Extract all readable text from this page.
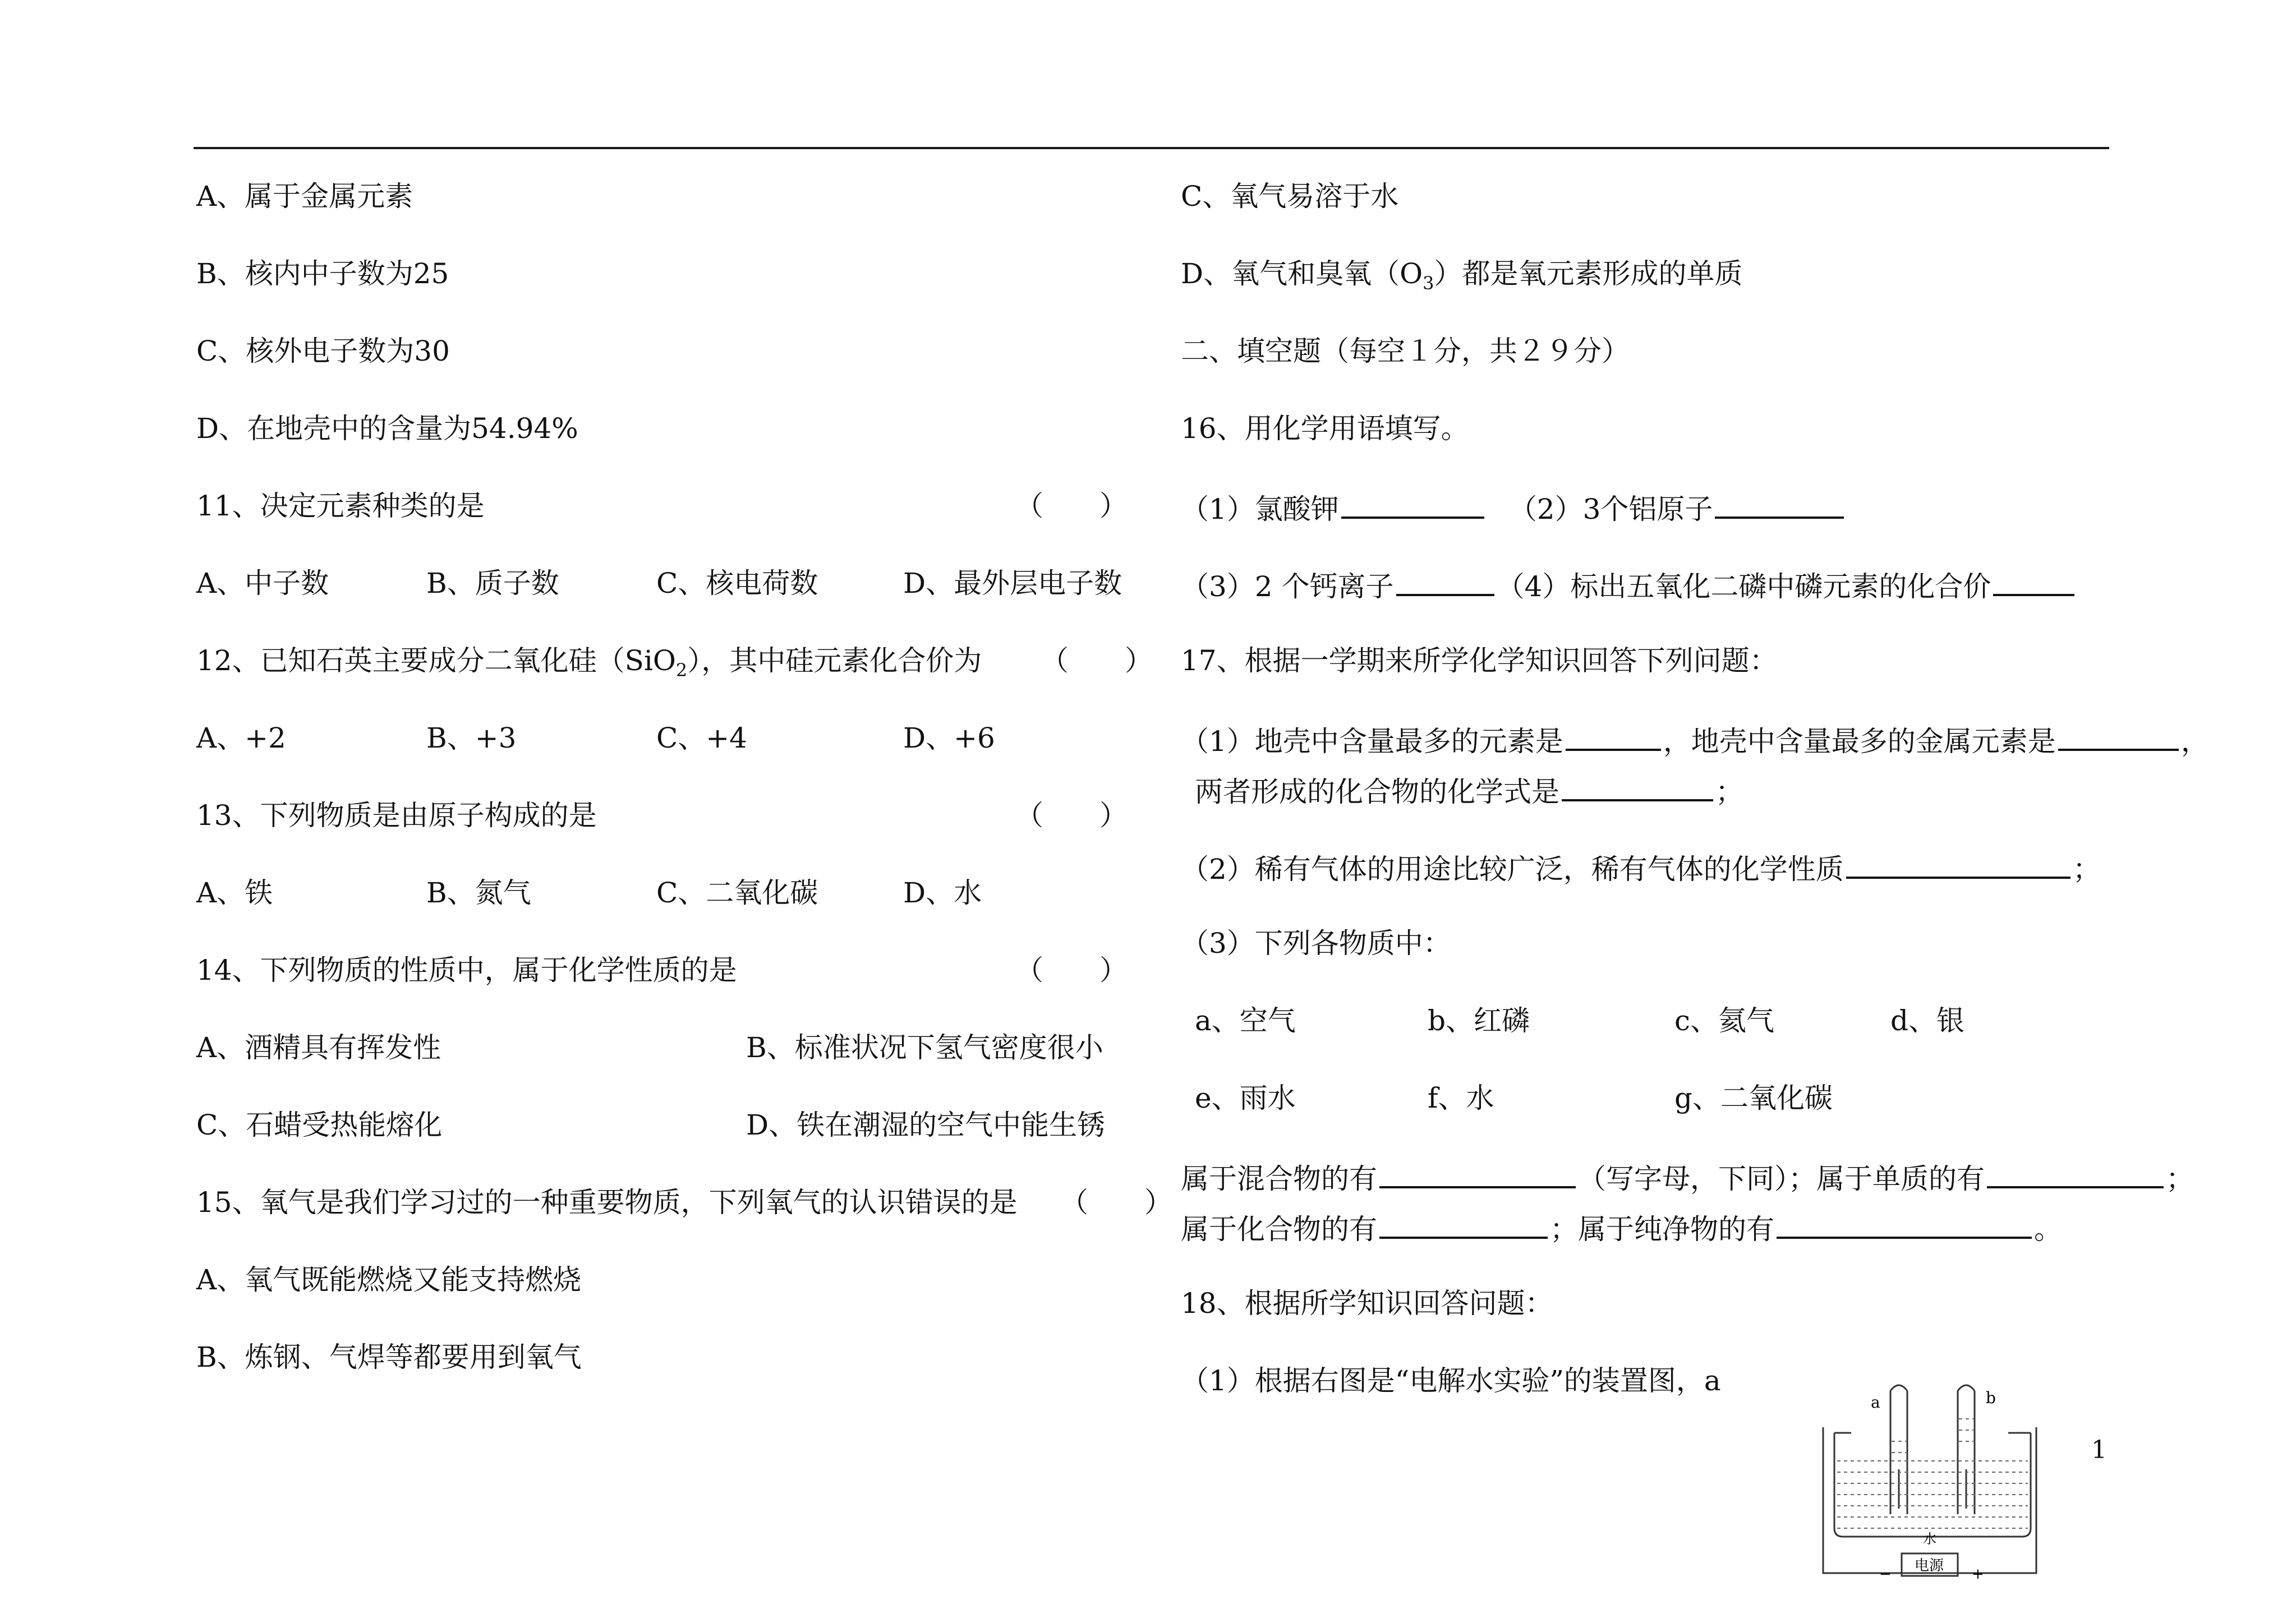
A、属于金属元素
B、核内中子数为25
C、核外电子数为30
D、在地壳中的含量为54.94%
11、决定元素种类的是	（　　）
A、中子数	B、质子数	C、核电荷数	D、最外层电子数
12、已知石英主要成分二氧化硅（SiO$_2$），其中硅元素化合价为 （　　）
A、+2	B、+3	C、+4	D、+6
13、下列物质是由原子构成的是	（　　）
A、铁	B、氮气	C、二氧化碳	D、水
14、下列物质的性质中，属于化学性质的是	（　　）
A、酒精具有挥发性	B、标准状况下氢气密度很小
C、石蜡受热能熔化	D、铁在潮湿的空气中能生锈
15、氧气是我们学习过的一种重要物质，下列氧气的认识错误的是 （　　）
A、氧气既能燃烧又能支持燃烧
B、炼钢、气焊等都要用到氧气
C、氧气易溶于水
D、氧气和臭氧$(O_3)$都是氧元素形成的单质
二、填空题（每空１分，共２９分）
16、用化学用语填写。
（1）氯酸钾	（2）3个铝原子
（3）2 个钙离子	（4）标出五氧化二磷中磷元素的化合价
17、根据一学期来所学化学知识回答下列问题：
（1）地壳中含量最多的元素是	，地壳中含量最多的金属元素是	，
两者形成的化合物的化学式是	；
（2）稀有气体的用途比较广泛，稀有气体的化学性质	；
（3）下列各物质中：
a、空气	b、红磷	c、氦气	d、银
e、雨水	f、水	g、二氧化碳
属于混合物的有	（写字母，下同）；属于单质的有	；
属于化合物的有	；属于纯净物的有	。
18、根据所学知识回答问题：
（1）根据右图是“电解水实验”的装置图，a
a	b
水
电源
−	+
1
